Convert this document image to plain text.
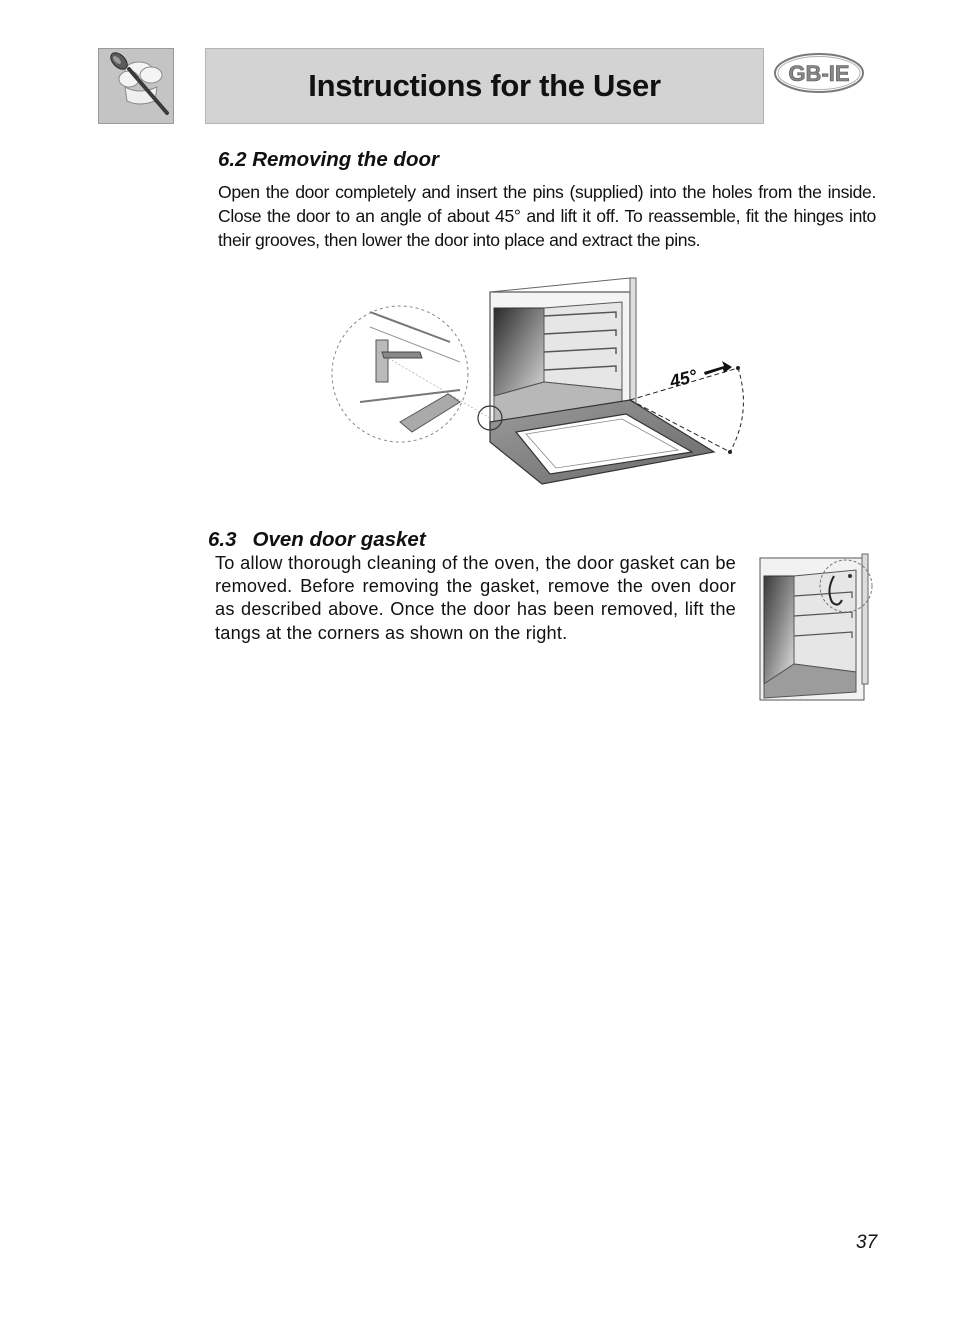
Instructions for the User	GB-IE
6.2 Removing the door

Open the door completely and insert the pins (supplied) into the holes from the inside. Close the door to an angle of about 45° and lift it off. To reassemble, fit the hinges into their grooves, then lower the door into place and extract the pins.

45°
6.3 Oven door gasket

To allow thorough cleaning of the oven, the door gasket can be removed. Before removing the gasket, remove the oven door as described above. Once the door has been removed, lift the tangs at the corners as shown on the right.

37
